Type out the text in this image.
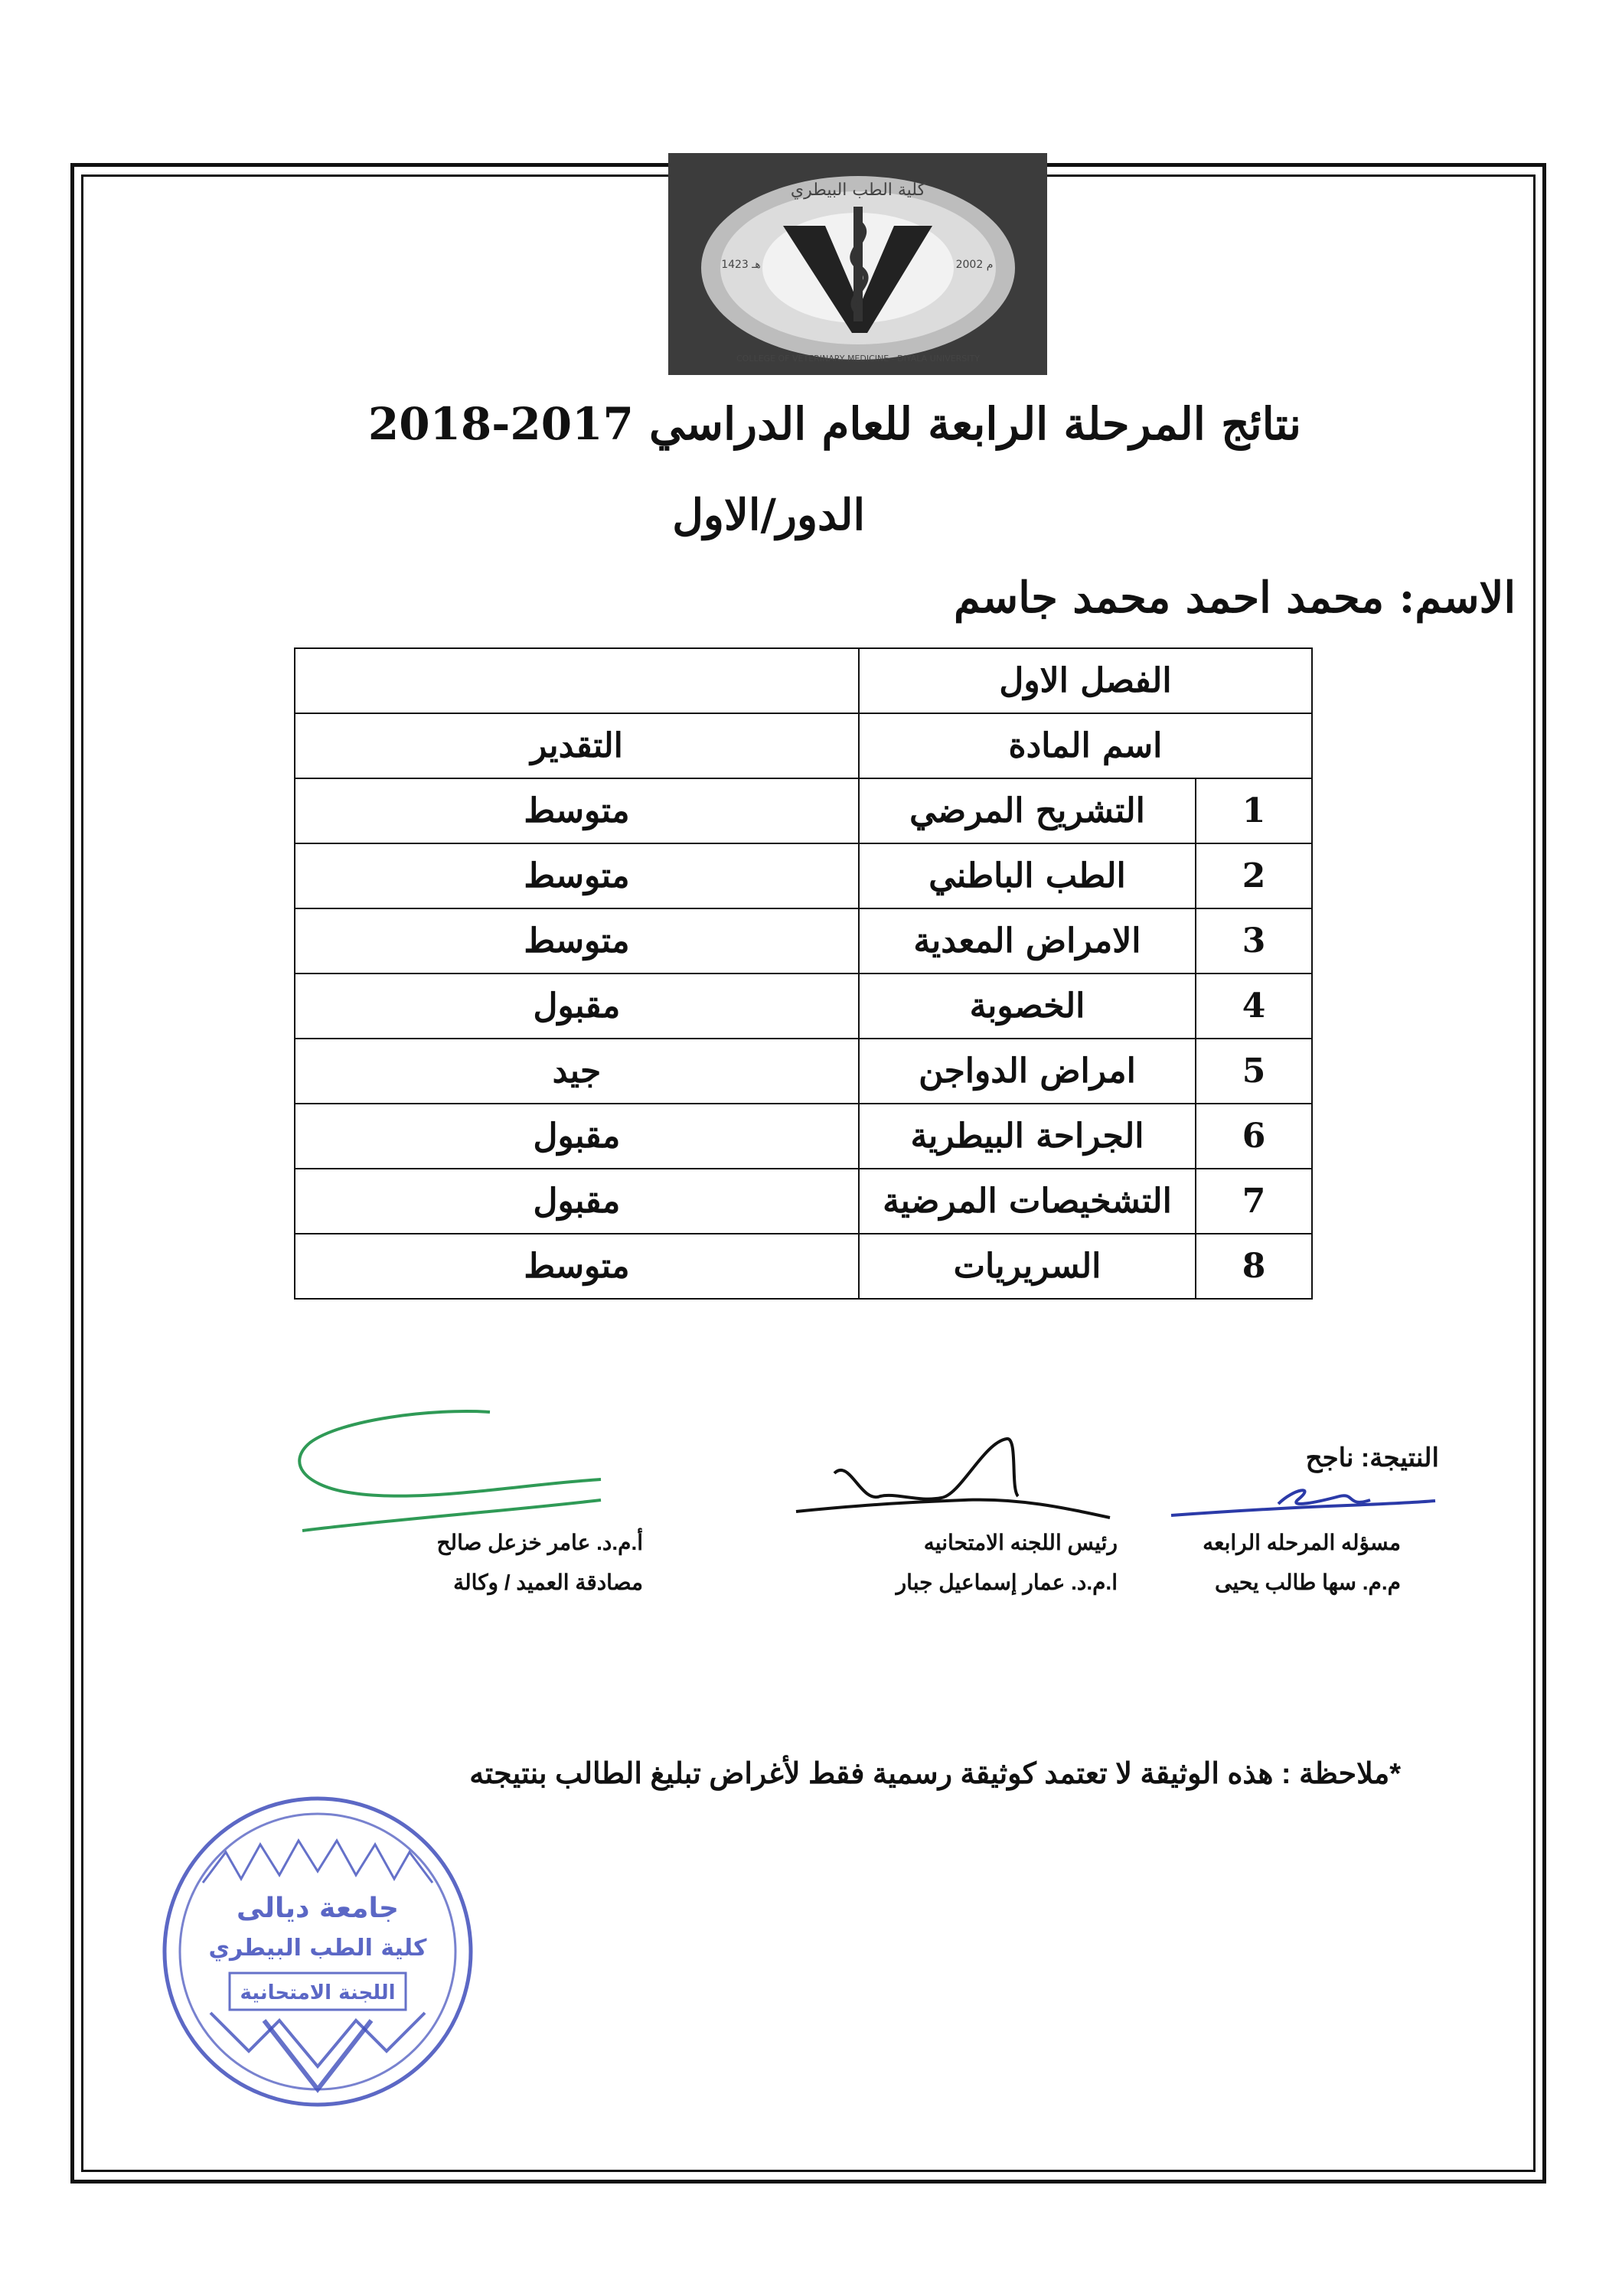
كلية الطب البيطري
COLLEGE OF VETERINARY MEDICINE - DIYALA UNIVERSITY
1423 هـ	2002 م
نتائج المرحلة الرابعة للعام الدراسي 2017-2018
الدور/الاول
الاسم: محمد احمد محمد جاسم
	الفصل الاول	
التقدير	اسم المادة	
متوسط	التشريح المرضي	1
متوسط	الطب الباطني	2
متوسط	الامراض المعدية	3
مقبول	الخصوبة	4
جيد	امراض الدواجن	5
مقبول	الجراحة البيطرية	6
مقبول	التشخيصات المرضية	7
متوسط	السريريات	8
النتيجة: ناجح
مسؤله المرحله الرابعه
م.م. سها طالب يحيى
رئيس اللجنه الامتحانيه
ا.م.د. عمار إسماعيل جبار
أ.م.د. عامر خزعل صالح
مصادقة العميد / وكالة
*ملاحظة : هذه الوثيقة لا تعتمد كوثيقة رسمية فقط لأغراض تبليغ الطالب بنتيجته
جامعة ديالى
كلية الطب البيطري
اللجنة الامتحانية
